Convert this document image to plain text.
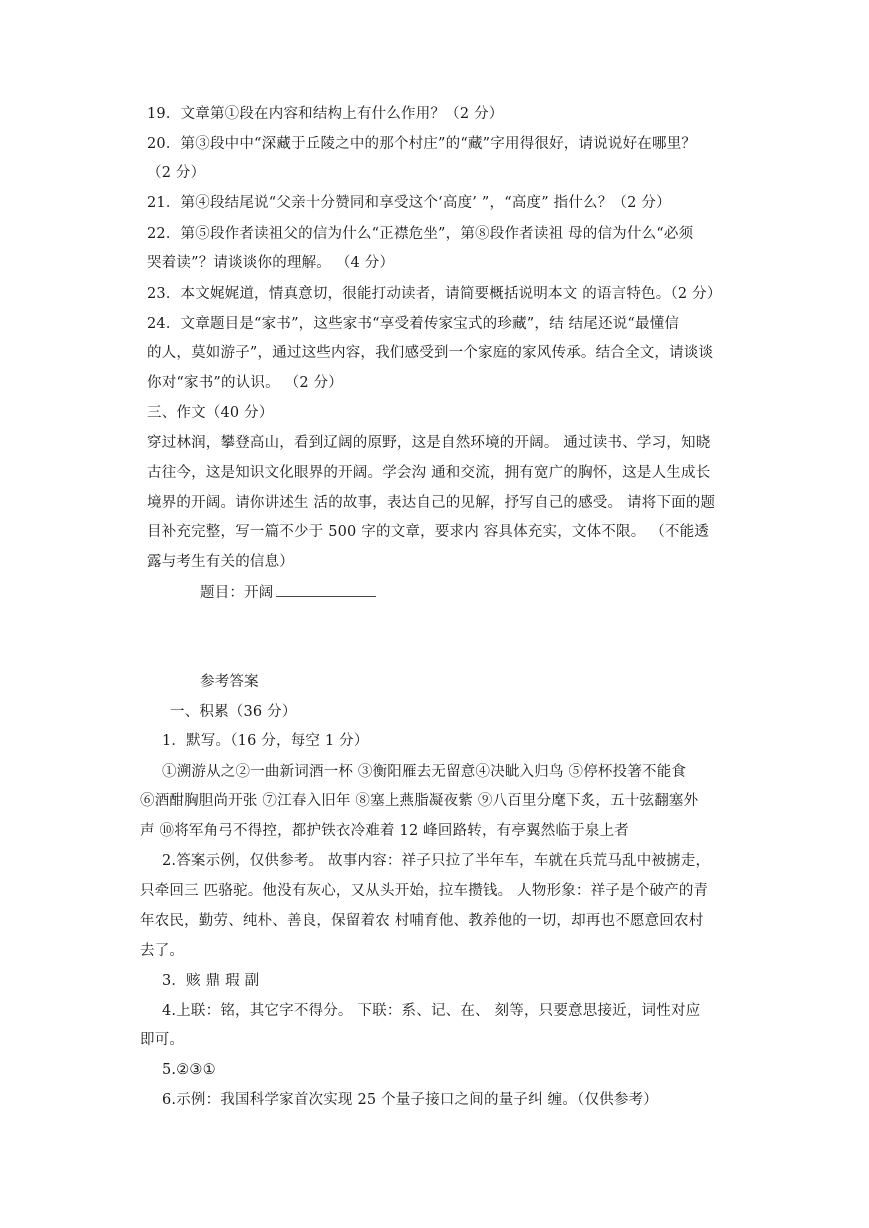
19．文章第①段在内容和结构上有什么作用？（2 分）
20．第③段中中“深藏于丘陵之中的那个村庄”的“藏”字用得很好，请说说好在哪里？
（2 分）
21．第④段结尾说“父亲十分赞同和享受这个‘高度’ ”，“高度” 指什么？（2 分）
22．第⑤段作者读祖父的信为什么“正襟危坐”，第⑧段作者读祖 母的信为什么“必须
哭着读”？请谈谈你的理解。 （4 分）
23．本文娓娓道，情真意切，很能打动读者，请简要概括说明本文 的语言特色。（2 分）
24．文章题目是“家书”，这些家书“享受着传家宝式的珍藏”，结 结尾还说“最懂信
的人，莫如游子”，通过这些内容，我们感受到一个家庭的家风传承。结合全文，请谈谈
你对“家书”的认识。 （2 分）
三、作文（40 分）
穿过林润，攀登高山，看到辽阔的原野，这是自然环境的开阔。 通过读书、学习，知晓
古往今，这是知识文化眼界的开阔。学会沟 通和交流，拥有宽广的胸怀，这是人生成长
境界的开阔。请你讲述生 活的故事，表达自己的见解，抒写自己的感受。 请将下面的题
目补充完整，写一篇不少于 500 字的文章，要求内 容具体充实，文体不限。 （不能透
露与考生有关的信息）
题目：开阔
参考答案
一、积累（36 分）
1．默写。（16 分，每空 1 分）
①溯游从之②一曲新词酒一杯 ③衡阳雁去无留意④决眦入归鸟 ⑤停杯投箸不能食
⑥酒酣胸胆尚开张 ⑦江春入旧年 ⑧塞上燕脂凝夜紫 ⑨八百里分麾下炙，五十弦翻塞外
声 ⑩将军角弓不得控，都护铁衣冷难着 12 峰回路转，有亭翼然临于泉上者
2.答案示例，仅供参考。 故事内容：祥子只拉了半年车，车就在兵荒马乱中被掳走，
只牵回三 匹骆驼。他没有灰心，又从头开始，拉车攒钱。 人物形象：祥子是个破产的青
年农民，勤劳、纯朴、善良，保留着农 村哺育他、教养他的一切，却再也不愿意回农村
去了。
3．赅 鼎 瑕 副
4.上联：铭，其它字不得分。 下联：系、记、在、 刻等，只要意思接近，词性对应
即可。
5.②③①
6.示例：我国科学家首次实现 25 个量子接口之间的量子纠 缠。（仅供参考）
